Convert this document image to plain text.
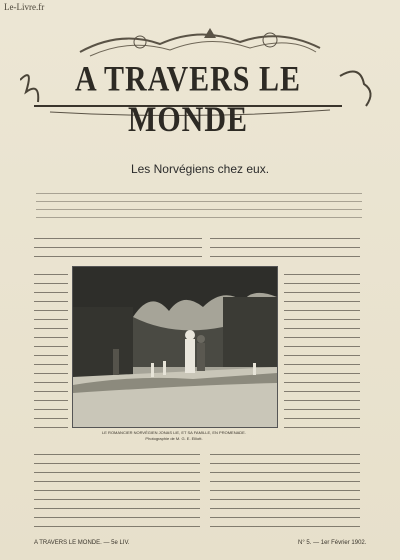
Le-Livre.fr
A TRAVERS LE MONDE
Les Norvégiens chez eux.
LE ROMANCIER NORVÉGIEN JONAS LIE, ET SA FAMILLE, EN PROMENADE.
Photographie de M. G. E. Elliott.
A TRAVERS LE MONDE. — 5e LIV.	N° 5. — 1er Février 1902.
